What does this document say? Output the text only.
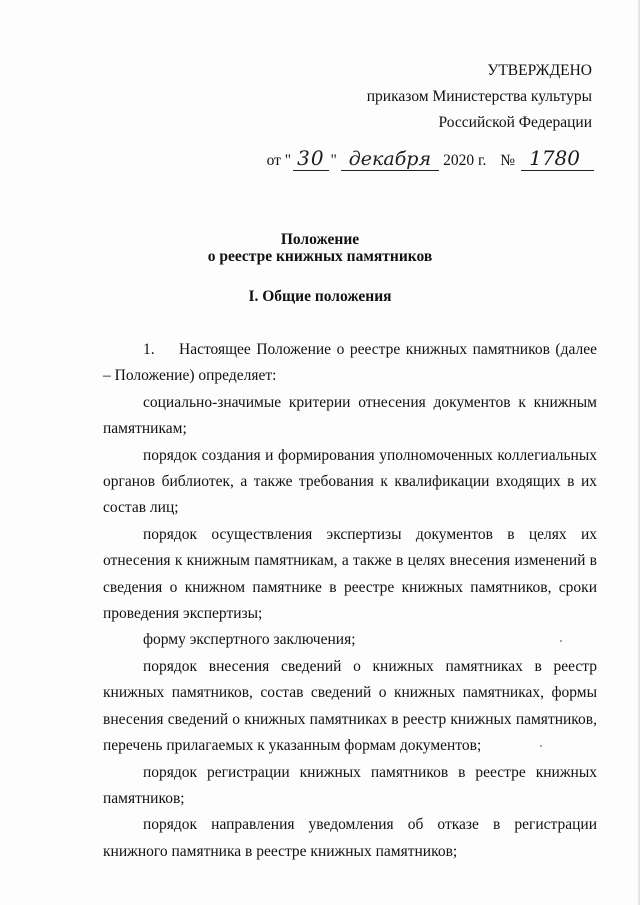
УТВЕРЖДЕНО
приказом Министерства культуры
Российской Федерации
от " 30 " декабря 2020 г. № 1780
Положение
о реестре книжных памятников
I. Общие положения

1. Настоящее Положение о реестре книжных памятников (далее – Положение) определяет:

социально-значимые критерии отнесения документов к книжным памятникам;

порядок создания и формирования уполномоченных коллегиальных органов библиотек, а также требования к квалификации входящих в их состав лиц;

порядок осуществления экспертизы документов в целях их отнесения к книжным памятникам, а также в целях внесения изменений в сведения о книжном памятнике в реестре книжных памятников, сроки проведения экспертизы;

форму экспертного заключения;

порядок внесения сведений о книжных памятниках в реестр книжных памятников, состав сведений о книжных памятниках, формы внесения сведений о книжных памятниках в реестр книжных памятников, перечень прилагаемых к указанным формам документов;

порядок регистрации книжных памятников в реестре книжных памятников;

порядок направления уведомления об отказе в регистрации книжного памятника в реестре книжных памятников;
